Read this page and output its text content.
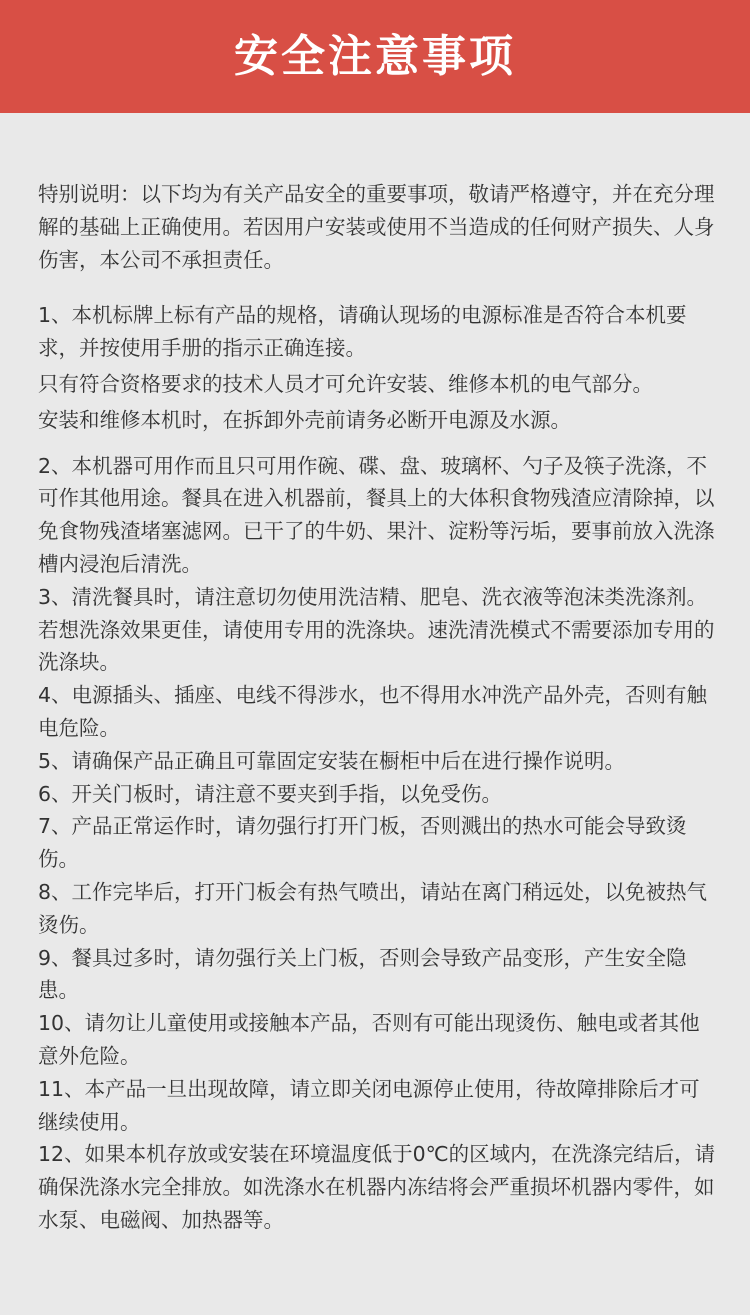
安全注意事项

特别说明：以下均为有关产品安全的重要事项，敬请严格遵守，并在充分理解的基础上正确使用。若因用户安装或使用不当造成的任何财产损失、人身伤害，本公司不承担责任。

1、本机标牌上标有产品的规格，请确认现场的电源标准是否符合本机要求，并按使用手册的指示正确连接。

只有符合资格要求的技术人员才可允许安装、维修本机的电气部分。

安装和维修本机时，在拆卸外壳前请务必断开电源及水源。

2、本机器可用作而且只可用作碗、碟、盘、玻璃杯、勺子及筷子洗涤，不可作其他用途。餐具在进入机器前，餐具上的大体积食物残渣应清除掉，以免食物残渣堵塞滤网。已干了的牛奶、果汁、淀粉等污垢，要事前放入洗涤槽内浸泡后清洗。

3、清洗餐具时，请注意切勿使用洗洁精、肥皂、洗衣液等泡沫类洗涤剂。若想洗涤效果更佳，请使用专用的洗涤块。速洗清洗模式不需要添加专用的洗涤块。

4、电源插头、插座、电线不得涉水，也不得用水冲洗产品外壳，否则有触电危险。

5、请确保产品正确且可靠固定安装在橱柜中后在进行操作说明。

6、开关门板时，请注意不要夹到手指，以免受伤。

7、产品正常运作时，请勿强行打开门板，否则溅出的热水可能会导致烫伤。

8、工作完毕后，打开门板会有热气喷出，请站在离门稍远处，以免被热气烫伤。

9、餐具过多时，请勿强行关上门板，否则会导致产品变形，产生安全隐患。

10、请勿让儿童使用或接触本产品，否则有可能出现烫伤、触电或者其他意外危险。

11、本产品一旦出现故障，请立即关闭电源停止使用，待故障排除后才可继续使用。

12、如果本机存放或安装在环境温度低于0℃的区域内，在洗涤完结后，请确保洗涤水完全排放。如洗涤水在机器内冻结将会严重损坏机器内零件，如水泵、电磁阀、加热器等。
